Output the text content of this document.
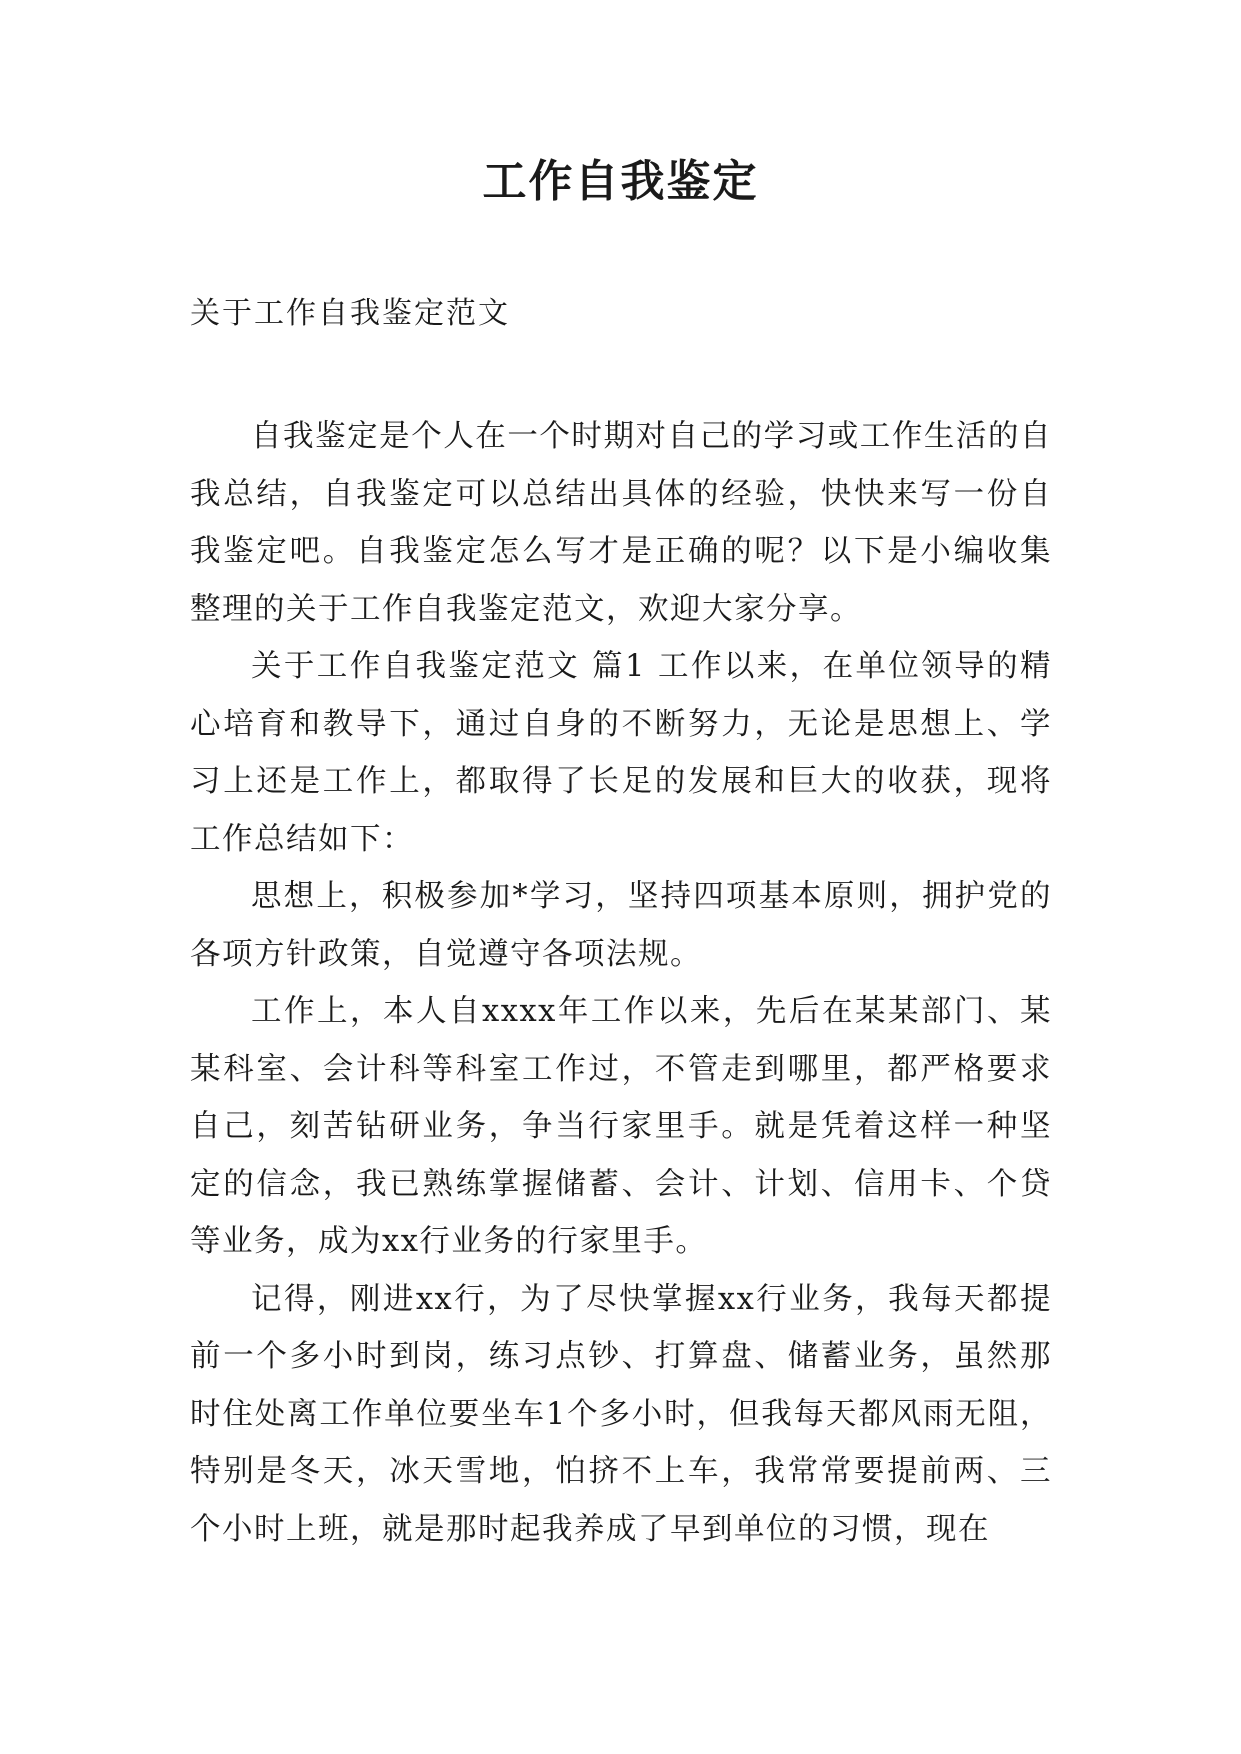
工作自我鉴定

关于工作自我鉴定范文

自我鉴定是个人在一个时期对自己的学习或工作生活的自我总结，自我鉴定可以总结出具体的经验，快快来写一份自我鉴定吧。自我鉴定怎么写才是正确的呢？以下是小编收集整理的关于工作自我鉴定范文，欢迎大家分享。

关于工作自我鉴定范文 篇1 工作以来，在单位领导的精心培育和教导下，通过自身的不断努力，无论是思想上、学习上还是工作上，都取得了长足的发展和巨大的收获，现将工作总结如下：

思想上，积极参加*学习，坚持四项基本原则，拥护党的各项方针政策，自觉遵守各项法规。

工作上，本人自xxxx年工作以来，先后在某某部门、某某科室、会计科等科室工作过，不管走到哪里，都严格要求自己，刻苦钻研业务，争当行家里手。就是凭着这样一种坚定的信念，我已熟练掌握储蓄、会计、计划、信用卡、个贷等业务，成为xx行业务的行家里手。

记得，刚进xx行，为了尽快掌握xx行业务，我每天都提前一个多小时到岗，练习点钞、打算盘、储蓄业务，虽然那时住处离工作单位要坐车1个多小时，但我每天都风雨无阻，特别是冬天，冰天雪地，怕挤不上车，我常常要提前两、三个小时上班，就是那时起我养成了早到单位的习惯，现在
